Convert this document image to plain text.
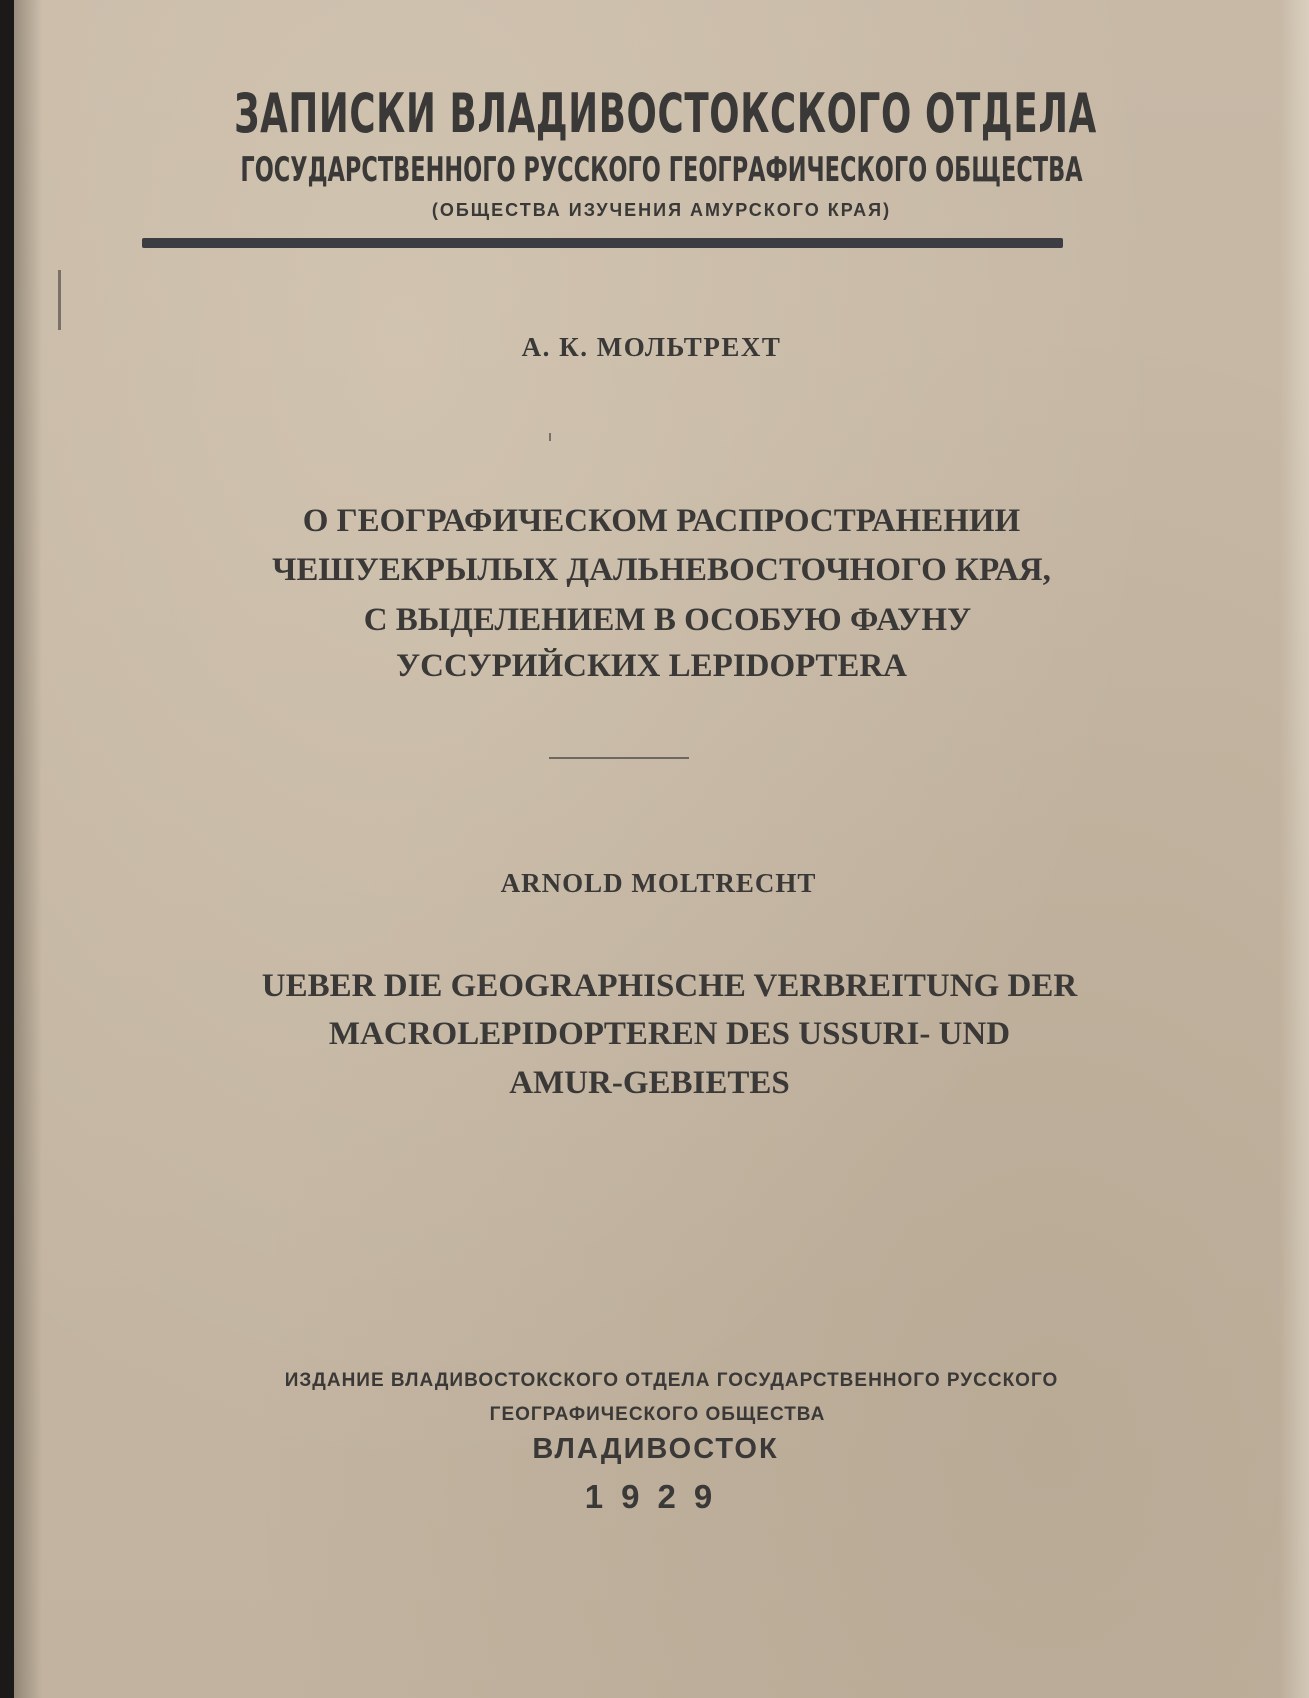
ЗАПИСКИ ВЛАДИВОСТОКСКОГО ОТДЕЛА
ГОСУДАРСТВЕННОГО РУССКОГО ГЕОГРАФИЧЕСКОГО ОБЩЕСТВА
(ОБЩЕСТВА ИЗУЧЕНИЯ АМУРСКОГО КРАЯ)
А. К. МОЛЬТРЕХТ
О ГЕОГРАФИЧЕСКОМ РАСПРОСТРАНЕНИИ
ЧЕШУЕКРЫЛЫХ ДАЛЬНЕВОСТОЧНОГО КРАЯ,
С ВЫДЕЛЕНИЕМ В ОСОБУЮ ФАУНУ
УССУРИЙСКИХ LEPIDOPTERA
ARNOLD MOLTRECHT
UEBER DIE GEOGRAPHISCHE VERBREITUNG DER
MACROLEPIDOPTEREN DES USSURI- UND
AMUR-GEBIETES
ИЗДАНИЕ ВЛАДИВОСТОКСКОГО ОТДЕЛА ГОСУДАРСТВЕННОГО РУССКОГО
ГЕОГРАФИЧЕСКОГО ОБЩЕСТВА
ВЛАДИВОСТОК
1929
